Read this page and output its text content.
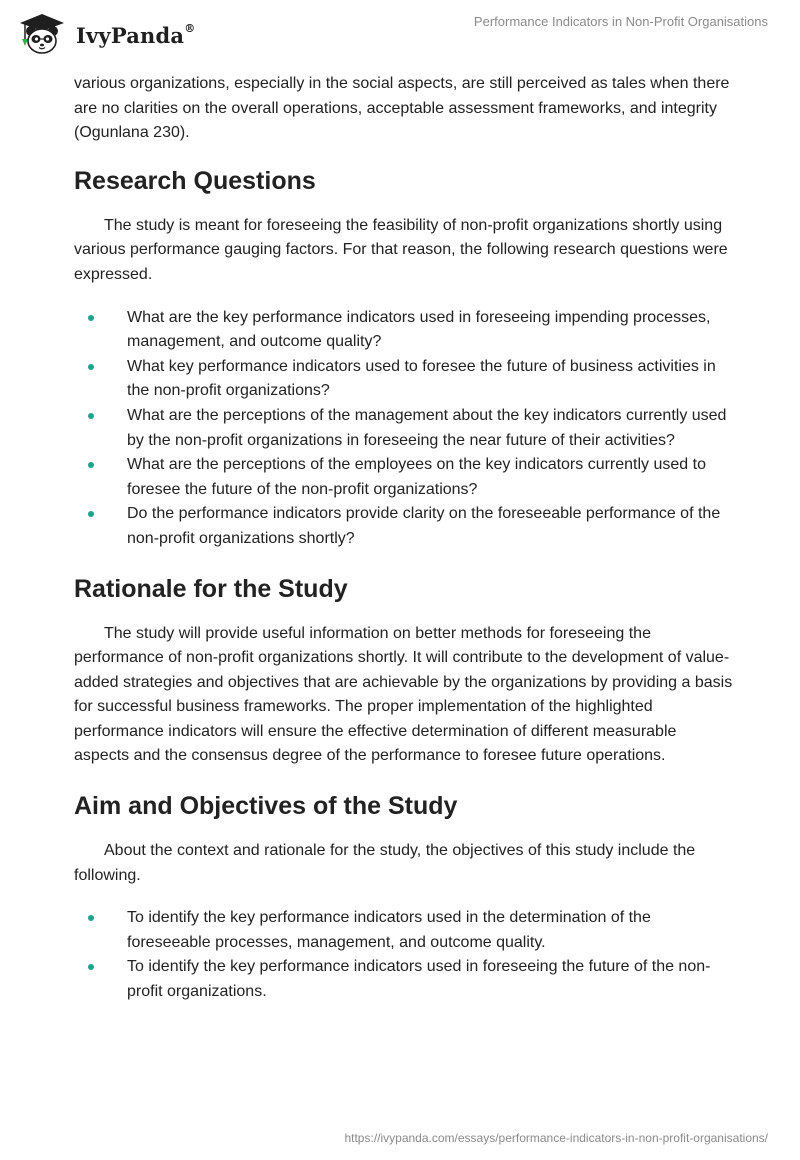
IvyPanda®	Performance Indicators in Non-Profit Organisations

various organizations, especially in the social aspects, are still perceived as tales when there are no clarities on the overall operations, acceptable assessment frameworks, and integrity (Ogunlana 230).

Research Questions

The study is meant for foreseeing the feasibility of non-profit organizations shortly using various performance gauging factors. For that reason, the following research questions were expressed.

What are the key performance indicators used in foreseeing impending processes, management, and outcome quality?
What key performance indicators used to foresee the future of business activities in the non-profit organizations?
What are the perceptions of the management about the key indicators currently used by the non-profit organizations in foreseeing the near future of their activities?
What are the perceptions of the employees on the key indicators currently used to foresee the future of the non-profit organizations?
Do the performance indicators provide clarity on the foreseeable performance of the non-profit organizations shortly?
Rationale for the Study

The study will provide useful information on better methods for foreseeing the performance of non-profit organizations shortly. It will contribute to the development of value-added strategies and objectives that are achievable by the organizations by providing a basis for successful business frameworks. The proper implementation of the highlighted performance indicators will ensure the effective determination of different measurable aspects and the consensus degree of the performance to foresee future operations.

Aim and Objectives of the Study

About the context and rationale for the study, the objectives of this study include the following.

To identify the key performance indicators used in the determination of the foreseeable processes, management, and outcome quality.
To identify the key performance indicators used in foreseeing the future of the non-profit organizations.
https://ivypanda.com/essays/performance-indicators-in-non-profit-organisations/
